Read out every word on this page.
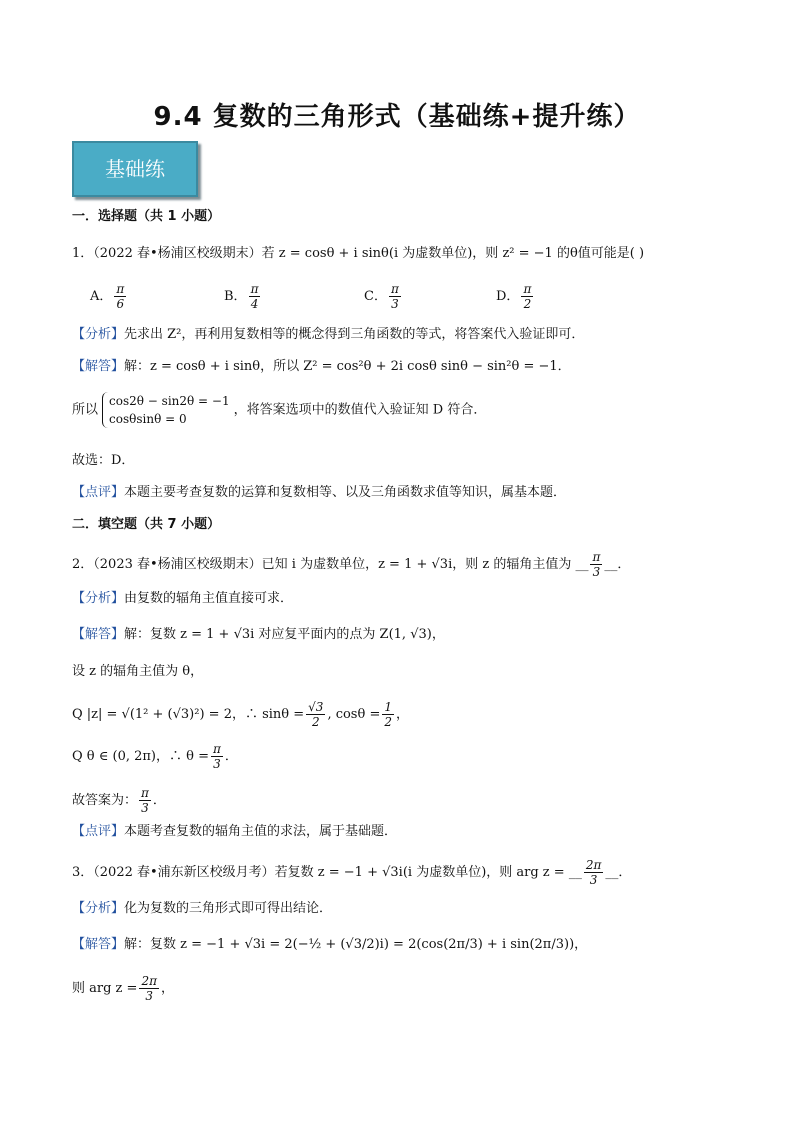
9.4 复数的三角形式（基础练+提升练）
基础练
一．选择题（共 1 小题）
1．（2022 春•杨浦区校级期末）若 z = cosθ + i sinθ(i 为虚数单位)，则 z² = −1 的θ值可能是( )
A． $\frac{\pi}{6}$	B． $\frac{\pi}{4}$	C． $\frac{\pi}{3}$	D． $\frac{\pi}{2}$
【分析】先求出 Z²，再利用复数相等的概念得到三角函数的等式，将答案代入验证即可．
【解答】解：z = cosθ + i sinθ，所以 Z² = cos²θ + 2i cosθ sinθ − sin²θ = −1．
所以
cos2θ − sin2θ = −1
cosθsinθ = 0
，将答案选项中的数值代入验证知 D 符合．
故选：D．
【点评】本题主要考查复数的运算和复数相等、以及三角函数求值等知识，属基本题．
二．填空题（共 7 小题）
2．（2023 春•杨浦区校级期末）已知 i 为虚数单位，z = 1 + √3i，则 z 的辐角主值为 __ $\frac{\pi}{3}$ __．
【分析】由复数的辐角主值直接可求．
【解答】解：复数 z = 1 + √3i 对应复平面内的点为 Z(1, √3)，
设 z 的辐角主值为 θ，
Q |z| = √(1² + (√3)²) = 2，∴ $\sin\theta = \frac{√3}{2}$ , $\cos\theta = \frac{1}{2}$ ，
Q θ ∈ (0, 2π)，∴ $\theta = \frac{\pi}{3}$ ．
故答案为： $\frac{\pi}{3}$ ．
【点评】本题考查复数的辐角主值的求法，属于基础题．
3．（2022 春•浦东新区校级月考）若复数 z = −1 + √3i(i 为虚数单位)，则 arg z = __ $\frac{2\pi}{3}$ __．
【分析】化为复数的三角形式即可得出结论．
【解答】解：复数 z = −1 + √3i = 2(−½ + (√3/2)i) = 2(cos(2π/3) + i sin(2π/3))，
则 arg $z = \frac{2\pi}{3}$ ，
